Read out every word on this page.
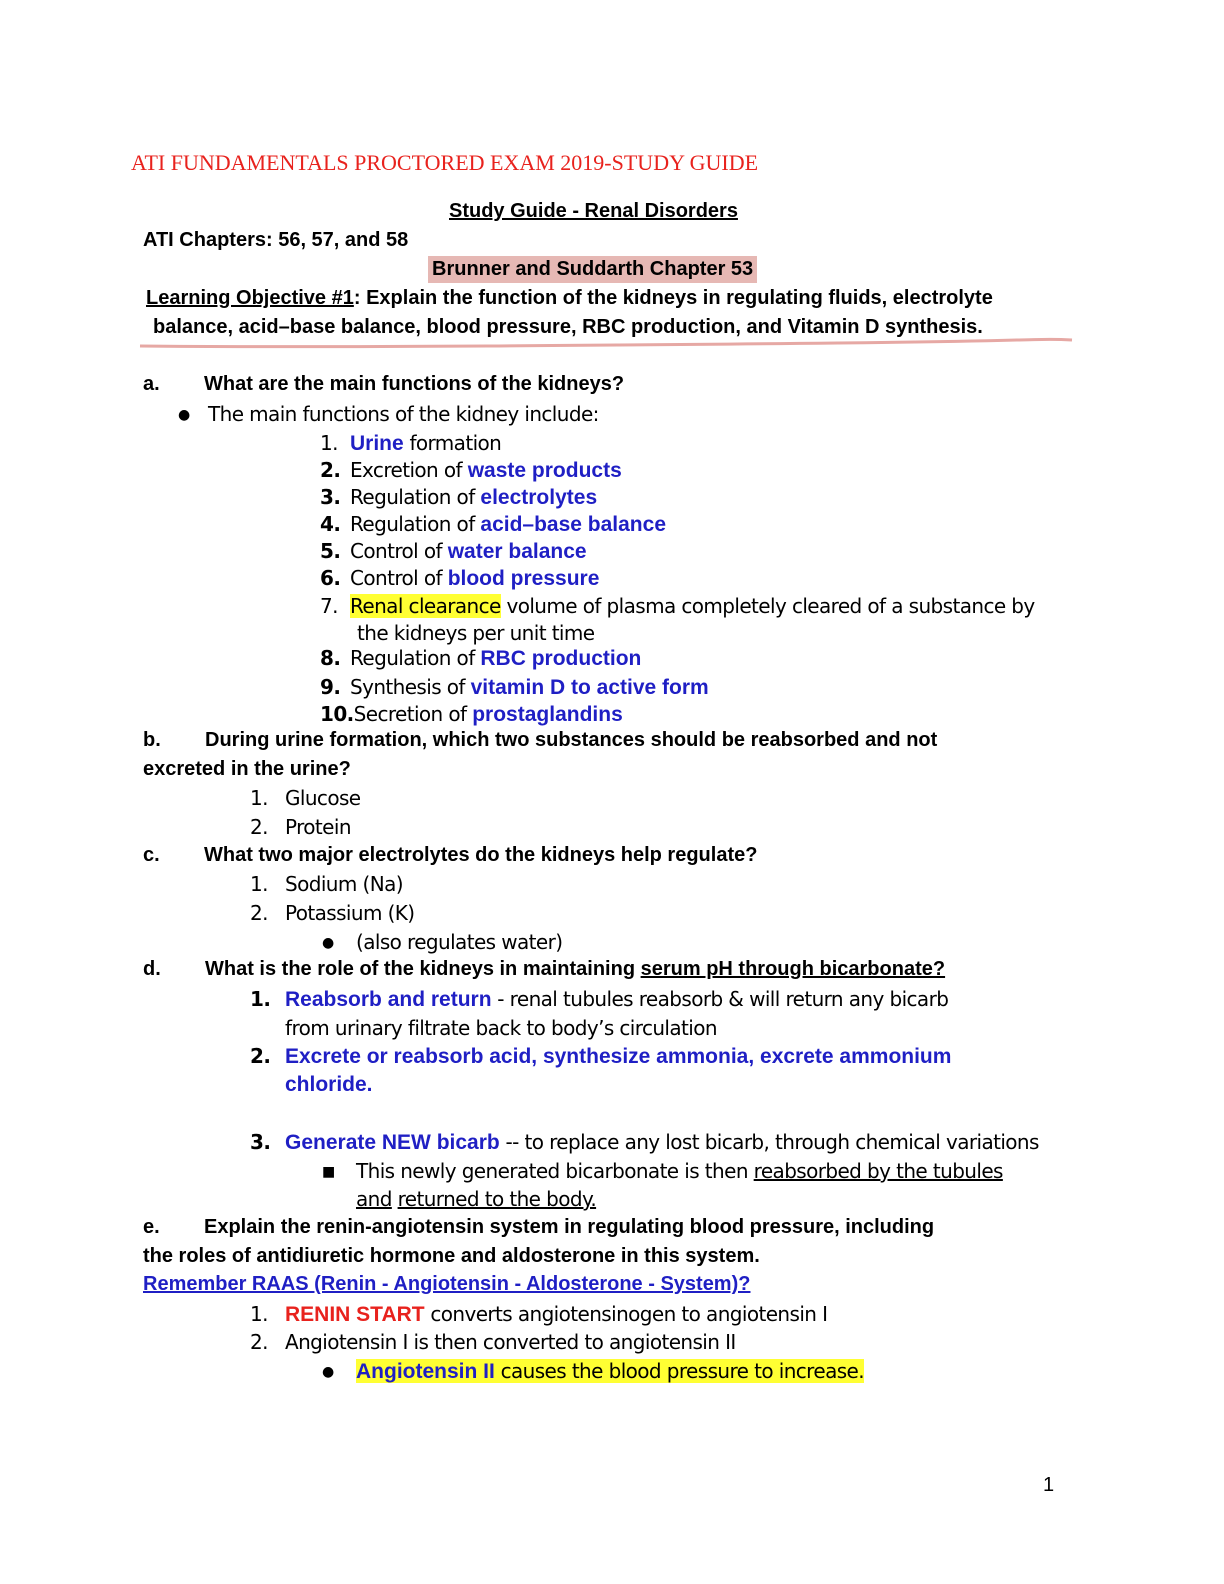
ATI FUNDAMENTALS PROCTORED EXAM 2019-STUDY GUIDE
Study Guide - Renal Disorders
ATI Chapters: 56, 57, and 58
Brunner and Suddarth Chapter 53
Learning Objective #1: Explain the function of the kidneys in regulating fluids, electrolyte
balance, acid–base balance, blood pressure, RBC production, and Vitamin D synthesis.
a. What are the main functions of the kidneys?
● The main functions of the kidney include:
1. Urine formation
2. Excretion of waste products
3. Regulation of electrolytes
4. Regulation of acid–base balance
5. Control of water balance
6. Control of blood pressure
7. Renal clearance volume of plasma completely cleared of a substance by
the kidneys per unit time
8. Regulation of RBC production
9. Synthesis of vitamin D to active form
10.Secretion of prostaglandins
b. During urine formation, which two substances should be reabsorbed and not
excreted in the urine?
1. Glucose
2. Protein
c. What two major electrolytes do the kidneys help regulate?
1. Sodium (Na)
2. Potassium (K)
● (also regulates water)
d. What is the role of the kidneys in maintaining serum pH through bicarbonate?
1. Reabsorb and return - renal tubules reabsorb & will return any bicarb
from urinary filtrate back to body’s circulation
2. Excrete or reabsorb acid, synthesize ammonia, excrete ammonium
chloride.
3. Generate NEW bicarb -- to replace any lost bicarb, through chemical variations
■ This newly generated bicarbonate is then reabsorbed by the tubules
and returned to the body.
e. Explain the renin-angiotensin system in regulating blood pressure, including
the roles of antidiuretic hormone and aldosterone in this system.
Remember RAAS (Renin - Angiotensin - Aldosterone - System)?
1. RENIN START converts angiotensinogen to angiotensin I
2. Angiotensin I is then converted to angiotensin II
● Angiotensin II causes the blood pressure to increase.
1
